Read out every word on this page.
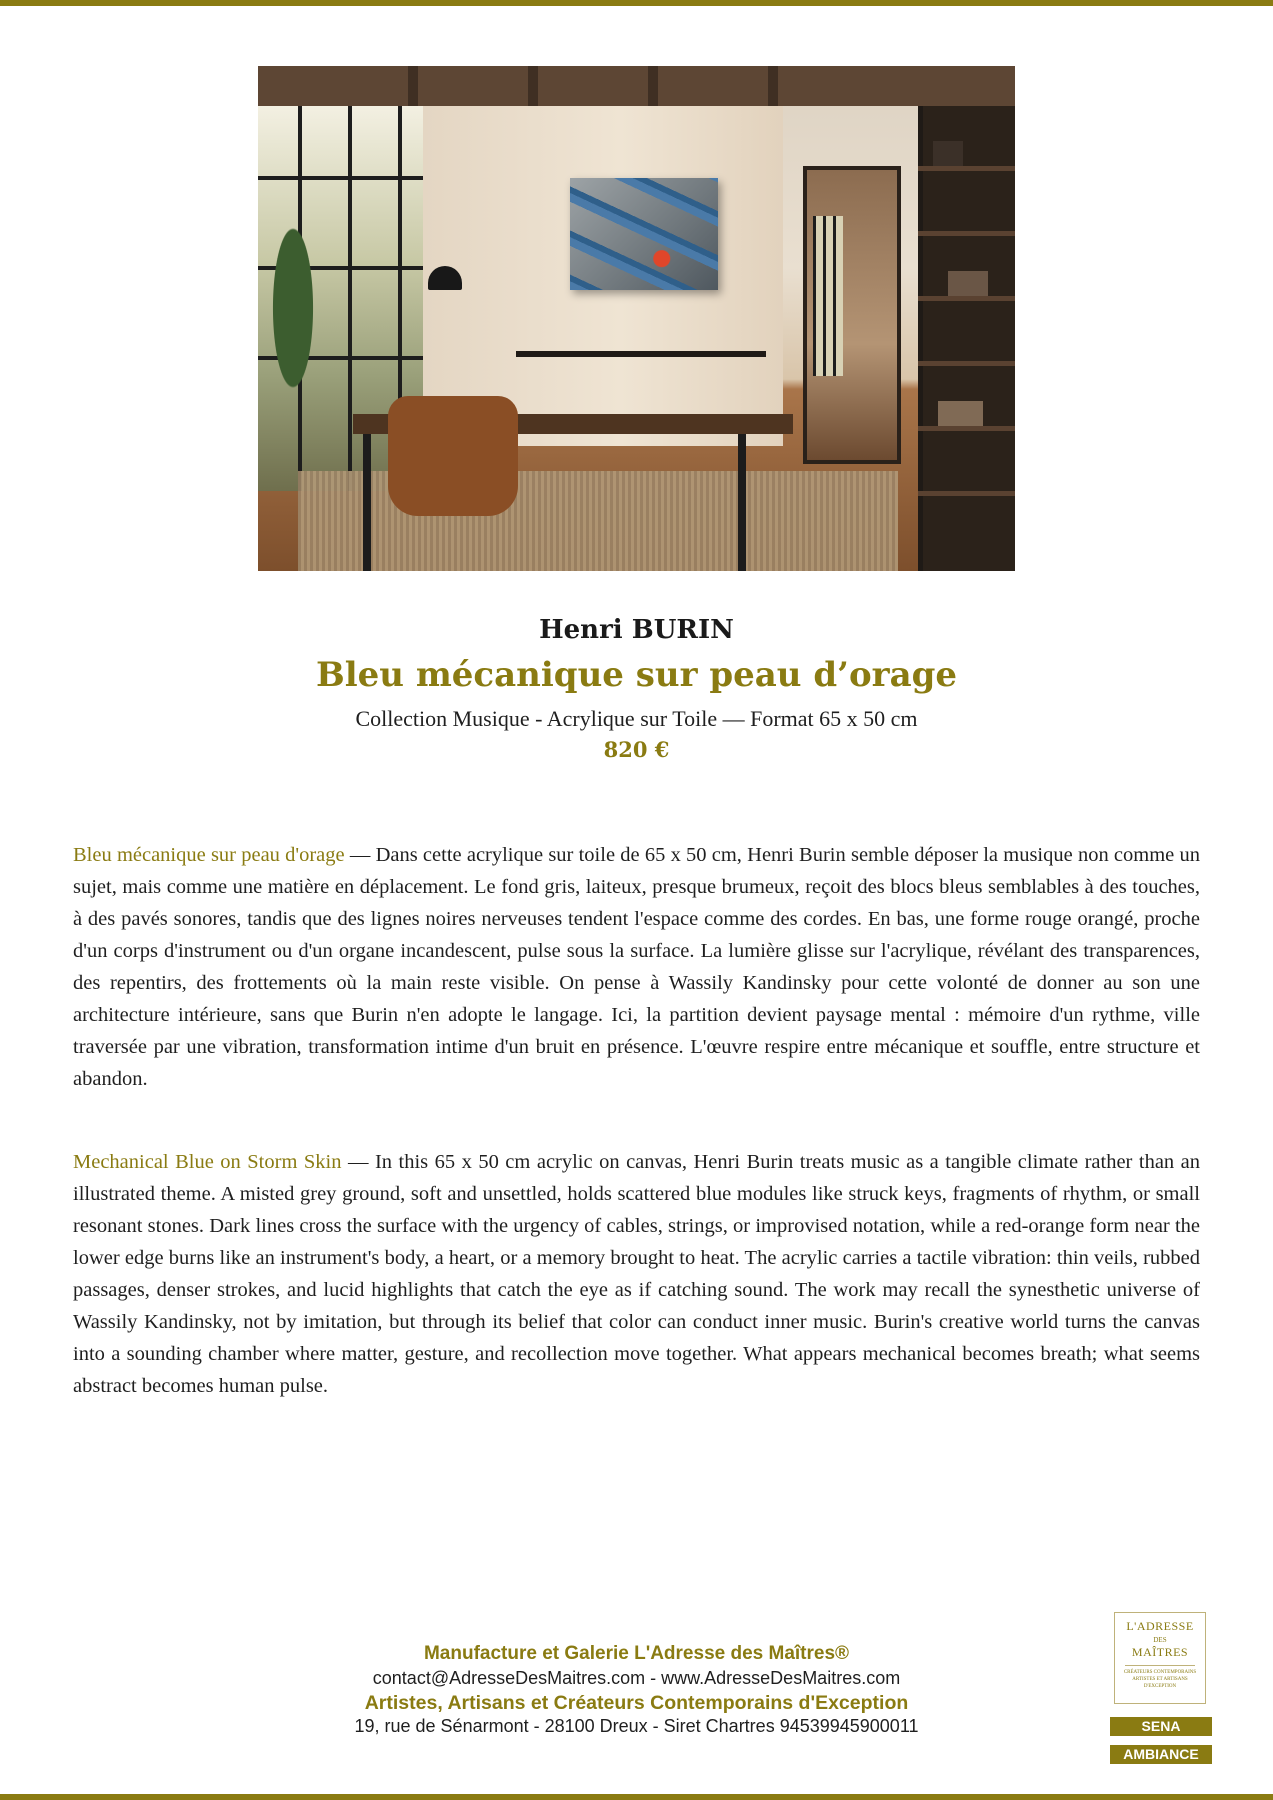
Henri BURIN
Bleu mécanique sur peau d’orage
Collection Musique - Acrylique sur Toile — Format 65 x 50 cm
820 €

Bleu mécanique sur peau d'orage — Dans cette acrylique sur toile de 65 x 50 cm, Henri Burin semble déposer la musique non comme un sujet, mais comme une matière en déplacement. Le fond gris, laiteux, presque brumeux, reçoit des blocs bleus semblables à des touches, à des pavés sonores, tandis que des lignes noires nerveuses tendent l'espace comme des cordes. En bas, une forme rouge orangé, proche d'un corps d'instrument ou d'un organe incandescent, pulse sous la surface. La lumière glisse sur l'acrylique, révélant des transparences, des repentirs, des frottements où la main reste visible. On pense à Wassily Kandinsky pour cette volonté de donner au son une architecture intérieure, sans que Burin n'en adopte le langage. Ici, la partition devient paysage mental : mémoire d'un rythme, ville traversée par une vibration, transformation intime d'un bruit en présence. L'œuvre respire entre mécanique et souffle, entre structure et abandon.

Mechanical Blue on Storm Skin — In this 65 x 50 cm acrylic on canvas, Henri Burin treats music as a tangible climate rather than an illustrated theme. A misted grey ground, soft and unsettled, holds scattered blue modules like struck keys, fragments of rhythm, or small resonant stones. Dark lines cross the surface with the urgency of cables, strings, or improvised notation, while a red-orange form near the lower edge burns like an instrument's body, a heart, or a memory brought to heat. The acrylic carries a tactile vibration: thin veils, rubbed passages, denser strokes, and lucid highlights that catch the eye as if catching sound. The work may recall the synesthetic universe of Wassily Kandinsky, not by imitation, but through its belief that color can conduct inner music. Burin's creative world turns the canvas into a sounding chamber where matter, gesture, and recollection move together. What appears mechanical becomes breath; what seems abstract becomes human pulse.

Manufacture et Galerie L'Adresse des Maîtres®
contact@AdresseDesMaitres.com - www.AdresseDesMaitres.com
Artistes, Artisans et Créateurs Contemporains d'Exception
19, rue de Sénarmont - 28100 Dreux - Siret Chartres 94539945900011
L'ADRESSE
DES
MAÎTRES
CRÉATEURS CONTEMPORAINS ARTISTES ET ARTISANS D'EXCEPTION
SENA
AMBIANCE
